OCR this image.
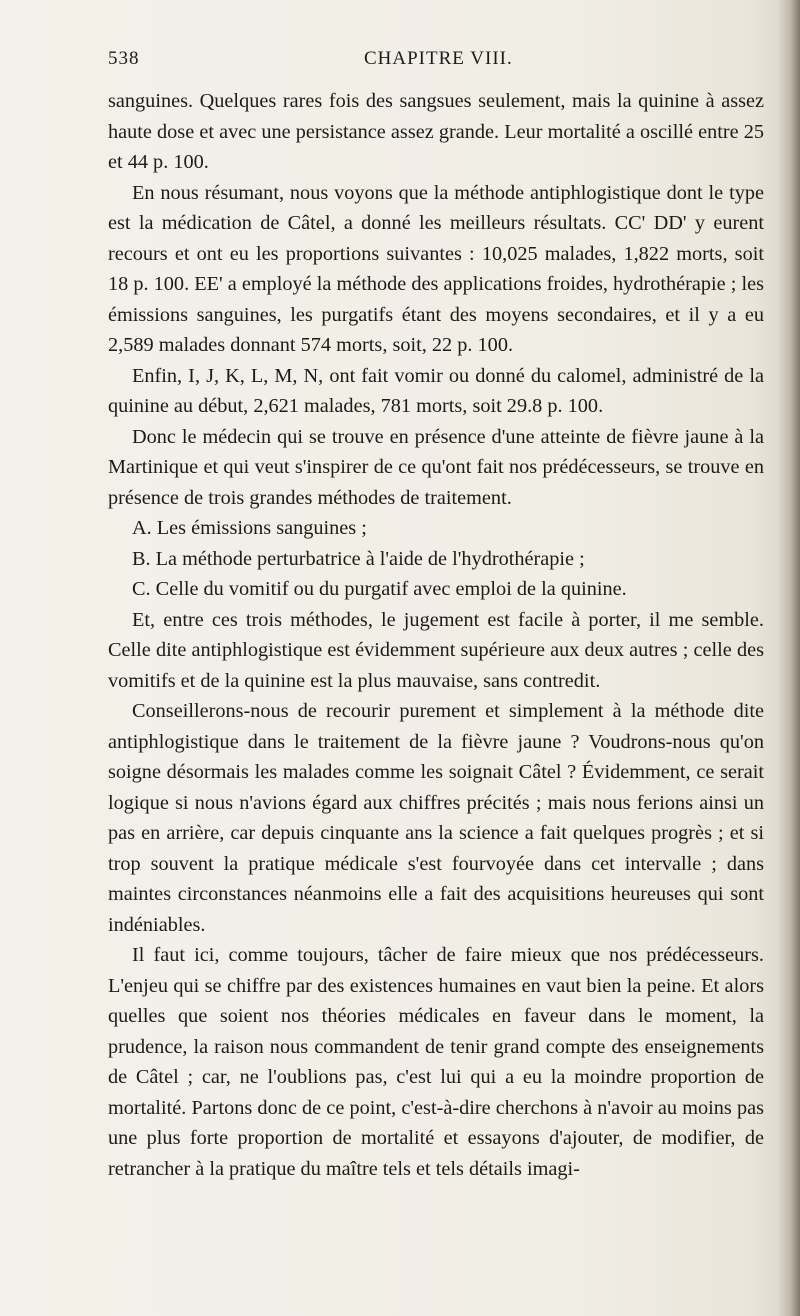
538	CHAPITRE VIII.

sanguines. Quelques rares fois des sangsues seulement, mais la quinine à assez haute dose et avec une persistance assez grande. Leur mortalité a oscillé entre 25 et 44 p. 100.

En nous résumant, nous voyons que la méthode antiphlogistique dont le type est la médication de Câtel, a donné les meilleurs résultats. CC' DD' y eurent recours et ont eu les proportions suivantes : 10,025 malades, 1,822 morts, soit 18 p. 100. EE' a employé la méthode des applications froides, hydrothérapie ; les émissions sanguines, les purgatifs étant des moyens secondaires, et il y a eu 2,589 malades donnant 574 morts, soit, 22 p. 100.

Enfin, I, J, K, L, M, N, ont fait vomir ou donné du calomel, administré de la quinine au début, 2,621 malades, 781 morts, soit 29.8 p. 100.

Donc le médecin qui se trouve en présence d'une atteinte de fièvre jaune à la Martinique et qui veut s'inspirer de ce qu'ont fait nos prédécesseurs, se trouve en présence de trois grandes méthodes de traitement.

A. Les émissions sanguines ;

B. La méthode perturbatrice à l'aide de l'hydrothérapie ;

C. Celle du vomitif ou du purgatif avec emploi de la quinine.

Et, entre ces trois méthodes, le jugement est facile à porter, il me semble. Celle dite antiphlogistique est évidemment supérieure aux deux autres ; celle des vomitifs et de la quinine est la plus mauvaise, sans contredit.

Conseillerons-nous de recourir purement et simplement à la méthode dite antiphlogistique dans le traitement de la fièvre jaune ? Voudrons-nous qu'on soigne désormais les malades comme les soignait Câtel ? Évidemment, ce serait logique si nous n'avions égard aux chiffres précités ; mais nous ferions ainsi un pas en arrière, car depuis cinquante ans la science a fait quelques progrès ; et si trop souvent la pratique médicale s'est fourvoyée dans cet intervalle ; dans maintes circonstances néanmoins elle a fait des acquisitions heureuses qui sont indéniables.

Il faut ici, comme toujours, tâcher de faire mieux que nos prédécesseurs. L'enjeu qui se chiffre par des existences humaines en vaut bien la peine. Et alors quelles que soient nos théories médicales en faveur dans le moment, la prudence, la raison nous commandent de tenir grand compte des enseignements de Câtel ; car, ne l'oublions pas, c'est lui qui a eu la moindre proportion de mortalité. Partons donc de ce point, c'est-à-dire cherchons à n'avoir au moins pas une plus forte proportion de mortalité et essayons d'ajouter, de modifier, de retrancher à la pratique du maître tels et tels détails imagi-
